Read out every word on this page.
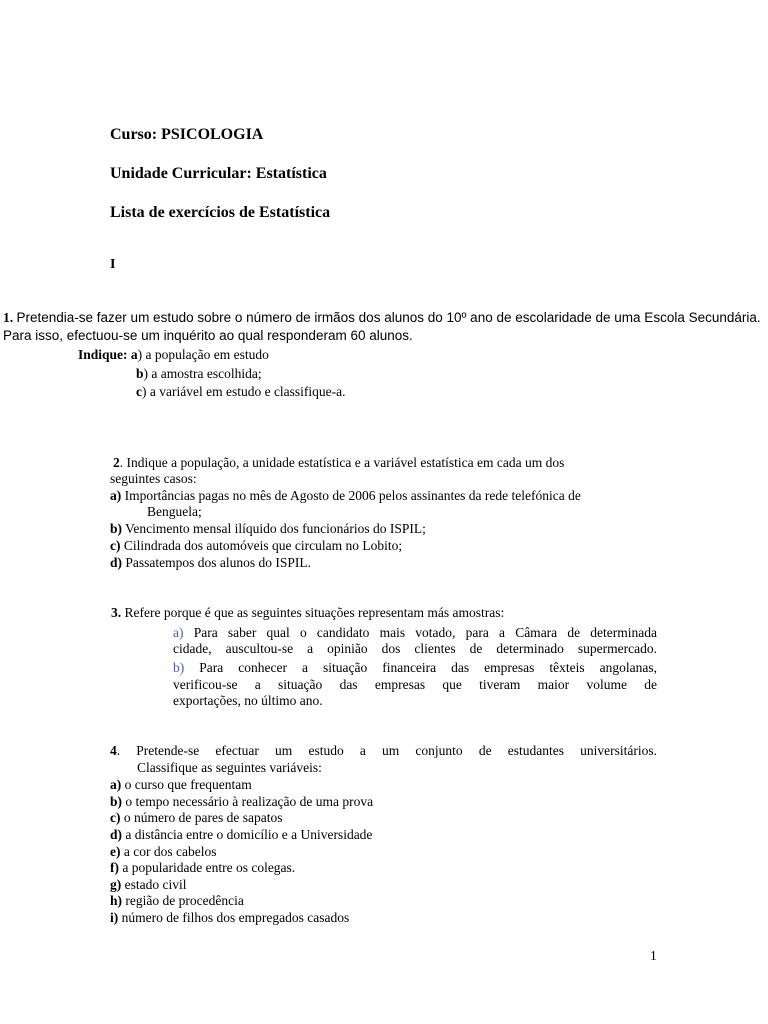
Curso: PSICOLOGIA
Unidade Curricular: Estatística
Lista de exercícios de Estatística
I
1. Pretendia-se fazer um estudo sobre o número de irmãos dos alunos do 10º ano de escolaridade de uma Escola Secundária.
Para isso, efectuou-se um inquérito ao qual responderam 60 alunos.
Indique: a) a população em estudo
b) a amostra escolhida;
c) a variável em estudo e classifique-a.
2. Indique a população, a unidade estatística e a variável estatística em cada um dos
seguintes casos:
a) Importâncias pagas no mês de Agosto de 2006 pelos assinantes da rede telefónica de
Benguela;
b) Vencimento mensal ilíquido dos funcionários do ISPIL;
c) Cilindrada dos automóveis que circulam no Lobito;
d) Passatempos dos alunos do ISPIL.
3. Refere porque é que as seguintes situações representam más amostras:
a) Para saber qual o candidato mais votado, para a Câmara de determinada
cidade, auscultou-se a opinião dos clientes de determinado supermercado.
b) Para conhecer a situação financeira das empresas têxteis angolanas,
verificou-se a situação das empresas que tiveram maior volume de
exportações, no último ano.
4. Pretende-se efectuar um estudo a um conjunto de estudantes universitários.
Classifique as seguintes variáveis:
a) o curso que frequentam
b) o tempo necessário à realização de uma prova
c) o número de pares de sapatos
d) a distância entre o domicílio e a Universidade
e) a cor dos cabelos
f) a popularidade entre os colegas.
g) estado civil
h) região de procedência
i) número de filhos dos empregados casados
1
